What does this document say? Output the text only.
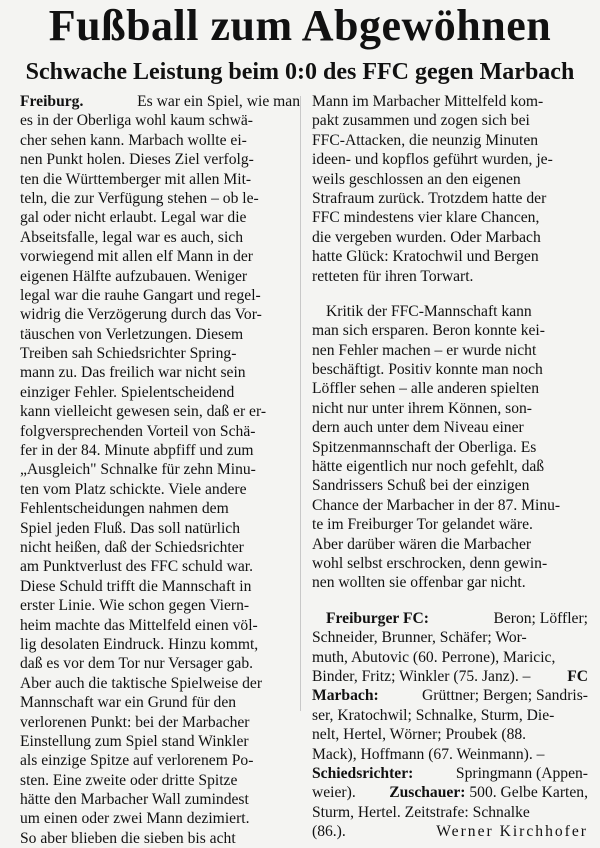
Fußball zum Abgewöhnen
Schwache Leistung beim 0:0 des FFC gegen Marbach
Freiburg.	Es war ein Spiel, wie man
es in der Oberliga wohl kaum schwä-
cher sehen kann. Marbach wollte ei-
nen Punkt holen. Dieses Ziel verfolg-
ten die Württemberger mit allen Mit-
teln, die zur Verfügung stehen – ob le-
gal oder nicht erlaubt. Legal war die
Abseitsfalle, legal war es auch, sich
vorwiegend mit allen elf Mann in der
eigenen Hälfte aufzubauen. Weniger
legal war die rauhe Gangart und regel-
widrig die Verzögerung durch das Vor-
täuschen von Verletzungen. Diesem
Treiben sah Schiedsrichter Spring-
mann zu. Das freilich war nicht sein
einziger Fehler. Spielentscheidend
kann vielleicht gewesen sein, daß er er-
folgversprechenden Vorteil von Schä-
fer in der 84. Minute abpfiff und zum
„Ausgleich" Schnalke für zehn Minu-
ten vom Platz schickte. Viele andere
Fehlentscheidungen nahmen dem
Spiel jeden Fluß. Das soll natürlich
nicht heißen, daß der Schiedsrichter
am Punktverlust des FFC schuld war.
Diese Schuld trifft die Mannschaft in
erster Linie. Wie schon gegen Viern-
heim machte das Mittelfeld einen völ-
lig desolaten Eindruck. Hinzu kommt,
daß es vor dem Tor nur Versager gab.
Aber auch die taktische Spielweise der
Mannschaft war ein Grund für den
verlorenen Punkt: bei der Marbacher
Einstellung zum Spiel stand Winkler
als einzige Spitze auf verlorenem Po-
sten. Eine zweite oder dritte Spitze
hätte den Marbacher Wall zumindest
um einen oder zwei Mann dezimiert.
So aber blieben die sieben bis acht
Mann im Marbacher Mittelfeld kom-
pakt zusammen und zogen sich bei
FFC-Attacken, die neunzig Minuten
ideen- und kopflos geführt wurden, je-
weils geschlossen an den eigenen
Strafraum zurück. Trotzdem hatte der
FFC mindestens vier klare Chancen,
die vergeben wurden. Oder Marbach
hatte Glück: Kratochwil und Bergen
retteten für ihren Torwart.
Kritik der FFC-Mannschaft kann
man sich ersparen. Beron konnte kei-
nen Fehler machen – er wurde nicht
beschäftigt. Positiv konnte man noch
Löffler sehen – alle anderen spielten
nicht nur unter ihrem Können, son-
dern auch unter dem Niveau einer
Spitzenmannschaft der Oberliga. Es
hätte eigentlich nur noch gefehlt, daß
Sandrissers Schuß bei der einzigen
Chance der Marbacher in der 87. Minu-
te im Freiburger Tor gelandet wäre.
Aber darüber wären die Marbacher
wohl selbst erschrocken, denn gewin-
nen wollten sie offenbar gar nicht.
Freiburger FC:	Beron; Löffler;
Schneider, Brunner, Schäfer; Wor-
muth, Abutovic (60. Perrone), Maricic,
Binder, Fritz; Winkler (75. Janz). – FC
Marbach:	Grüttner; Bergen; Sandris-
ser, Kratochwil; Schnalke, Sturm, Die-
nelt, Hertel, Wörner; Proubek (88.
Mack), Hoffmann (67. Weinmann). –
Schiedsrichter:	Springmann (Appen-
weier). Zuschauer: 500. Gelbe Karten,
Sturm, Hertel. Zeitstrafe: Schnalke
(86.).	Werner Kirchhofer
